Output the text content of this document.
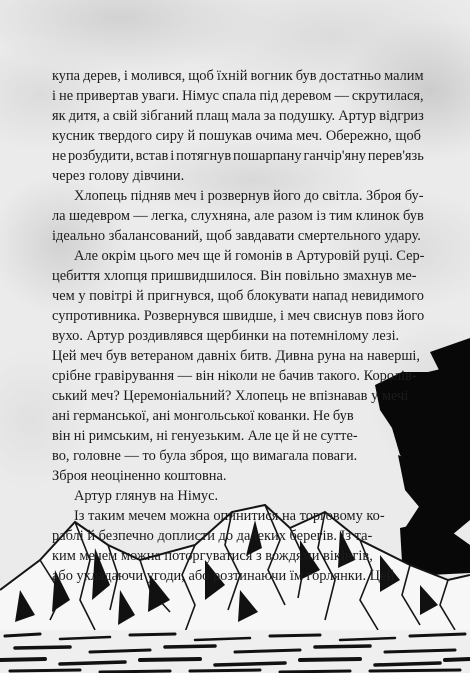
купа дерев, і молився, щоб їхній вогник був достатньо малим
і не привертав уваги. Німус спала під деревом — скрутилася,
як дитя, а свій зібганий плащ мала за подушку. Артур відгриз
кусник твердого сиру й пошукав очима меч. Обережно, щоб
не розбудити, встав і потягнув пошарпану ганчір'яну перев'язь
через голову дівчини.
Хлопець підняв меч і розвернув його до світла. Зброя бу-
ла шедевром — легка, слухняна, але разом із тим клинок був
ідеально збалансований, щоб завдавати смертельного удару.
Але окрім цього меч ще й гомонів в Артуровій руці. Сер-
цебиття хлопця пришвидшилося. Він повільно змахнув ме-
чем у повітрі й пригнувся, щоб блокувати напад невидимого
супротивника. Розвернувся швидше, і меч свиснув повз його
вухо. Артур роздивлявся щербинки на потемнілому лезі.
Цей меч був ветераном давніх битв. Дивна руна на наверші,
срібне гравірування — він ніколи не бачив такого. Королів-
ський меч? Церемоніальний? Хлопець не впізнавав у мечі
ані германської, ані монгольської кованки. Не був
він ні римським, ні генуезьким. Але це й не сутте-
во, головне — то була зброя, що вимагала поваги.
Зброя неоціненно коштовна.
Артур глянув на Німус.
Із таким мечем можна опинитися на торговому ко-
раблі й безпечно доплисти до далеких берегів. Із та-
ким мечем можна поторгуватися з вождями вікінгів,
або укладаючи угоди, або розтинаючи їм горлянки. Цей
